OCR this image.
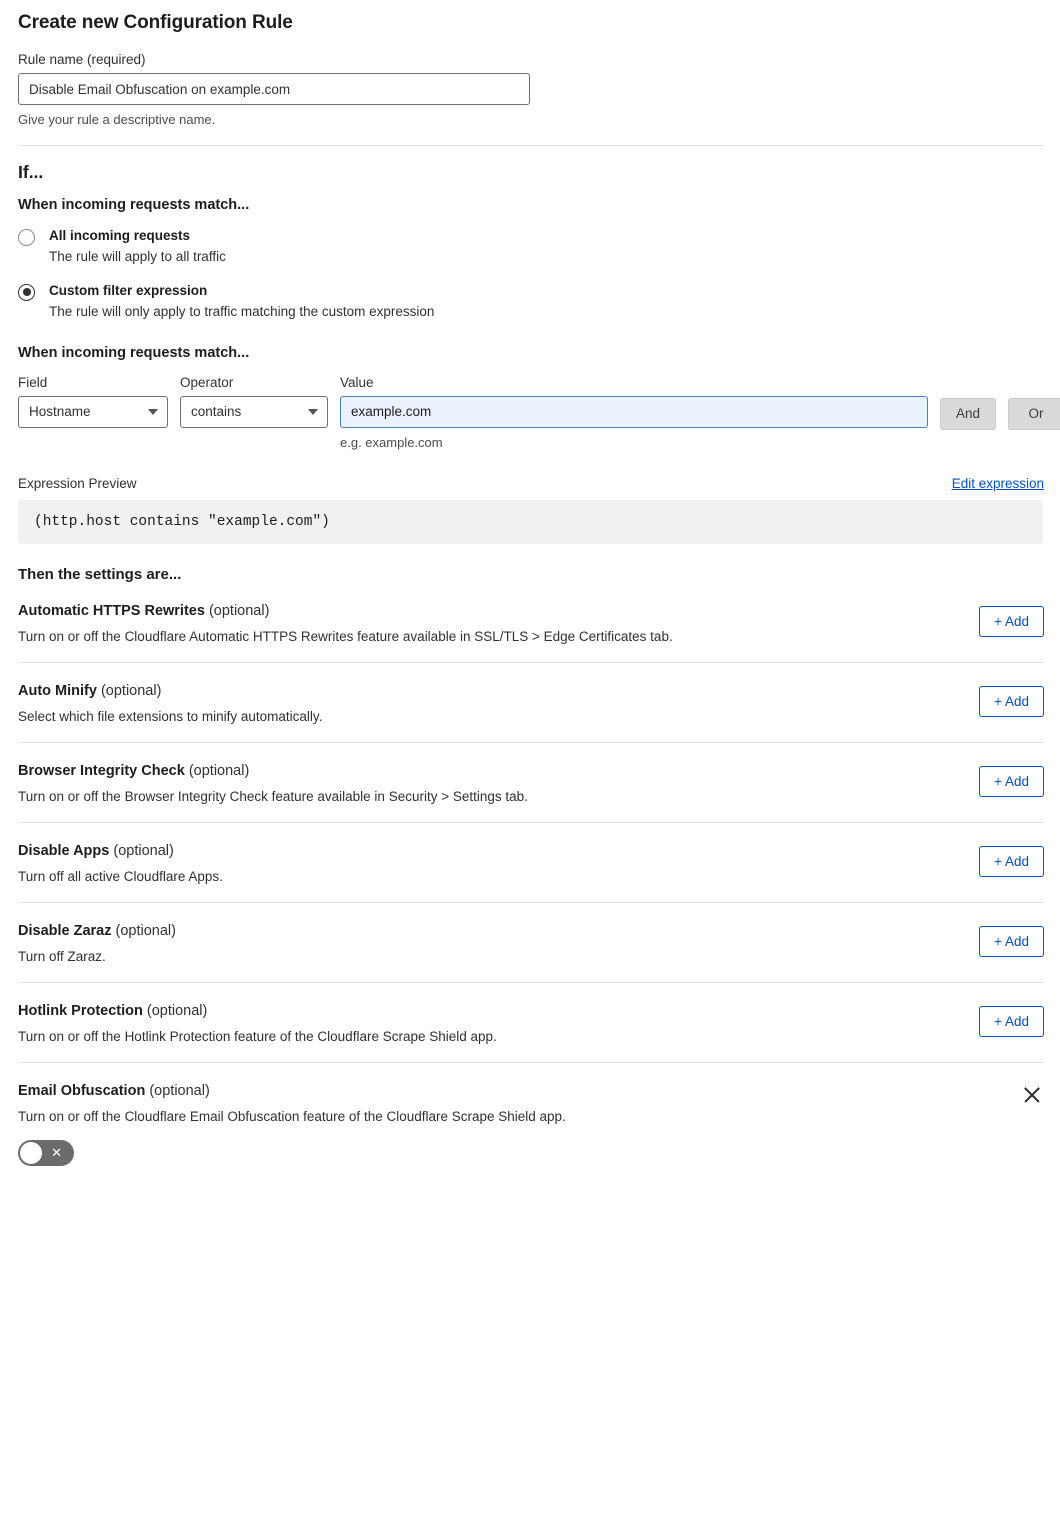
Create new Configuration Rule
Rule name (required)
Disable Email Obfuscation on example.com
Give your rule a descriptive name.
If...
When incoming requests match...
All incoming requests
The rule will apply to all traffic
Custom filter expression
The rule will only apply to traffic matching the custom expression
When incoming requests match...
Field
Hostname
Operator
contains
Value
example.com
e.g. example.com
And	Or
Expression Preview	Edit expression
(http.host contains "example.com")
Then the settings are...
Automatic HTTPS Rewrites (optional)
Turn on or off the Cloudflare Automatic HTTPS Rewrites feature available in SSL/TLS > Edge Certificates tab.
+ Add
Auto Minify (optional)
Select which file extensions to minify automatically.
+ Add
Browser Integrity Check (optional)
Turn on or off the Browser Integrity Check feature available in Security > Settings tab.
+ Add
Disable Apps (optional)
Turn off all active Cloudflare Apps.
+ Add
Disable Zaraz (optional)
Turn off Zaraz.
+ Add
Hotlink Protection (optional)
Turn on or off the Hotlink Protection feature of the Cloudflare Scrape Shield app.
+ Add
Email Obfuscation (optional)
Turn on or off the Cloudflare Email Obfuscation feature of the Cloudflare Scrape Shield app.
✕
